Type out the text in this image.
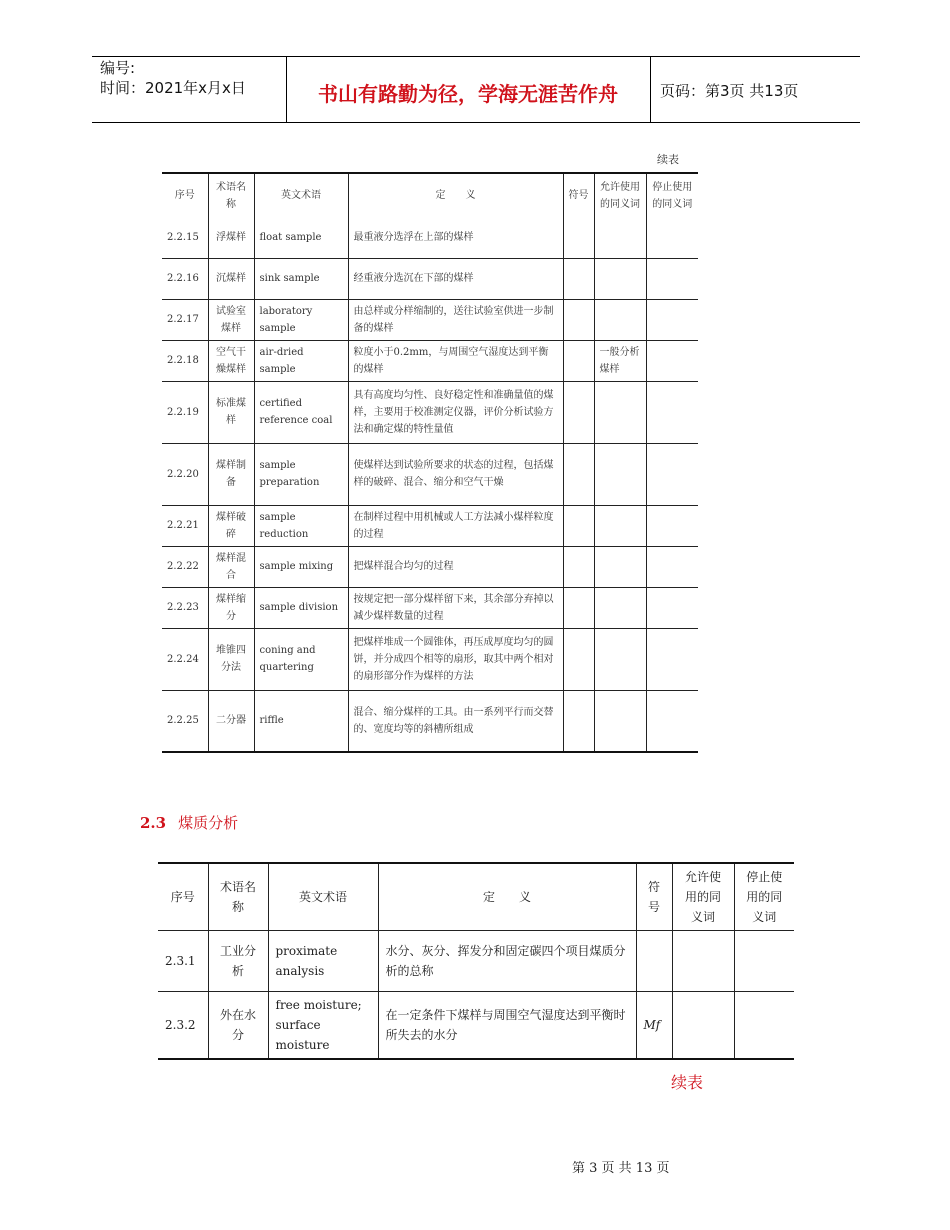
编号:
时间：2021年x月x日	书山有路勤为径，学海无涯苦作舟	页码：第3页 共13页
续表
序号	术语名称	英文术语	定　　义	符号	允许使用的同义词	停止使用的同义词
2.2.15	浮煤样	float sample	最重液分选浮在上部的煤样			
2.2.16	沉煤样	sink sample	经重液分选沉在下部的煤样			
2.2.17	试验室煤样	laboratory sample	由总样或分样缩制的，送往试验室供进一步制备的煤样			
2.2.18	空气干燥煤样	air-dried sample	粒度小于0.2mm，与周围空气湿度达到平衡的煤样		一般分析煤样	
2.2.19	标准煤样	certified reference coal	具有高度均匀性、良好稳定性和准确量值的煤样，主要用于校准测定仪器，评价分析试验方法和确定煤的特性量值			
2.2.20	煤样制备	sample preparation	使煤样达到试验所要求的状态的过程，包括煤样的破碎、混合、缩分和空气干燥			
2.2.21	煤样破碎	sample reduction	在制样过程中用机械或人工方法减小煤样粒度的过程			
2.2.22	煤样混合	sample mixing	把煤样混合均匀的过程			
2.2.23	煤样缩分	sample division	按规定把一部分煤样留下来，其余部分弃掉以减少煤样数量的过程			
2.2.24	堆锥四分法	coning and quartering	把煤样堆成一个圆锥体，再压成厚度均匀的圆饼，并分成四个相等的扇形，取其中两个相对的扇形部分作为煤样的方法			
2.2.25	二分器	riffle	混合、缩分煤样的工具。由一系列平行而交替的、宽度均等的斜槽所组成			
2.3 煤质分析
序号	术语名称	英文术语	定　　义	符号	允许使用的同义词	停止使用的同义词
2.3.1	工业分析	proximate analysis	水分、灰分、挥发分和固定碳四个项目煤质分析的总称			
2.3.2	外在水分	free moisture; surface moisture	在一定条件下煤样与周围空气湿度达到平衡时所失去的水分	Mf		
续表
第 3 页 共 13 页
